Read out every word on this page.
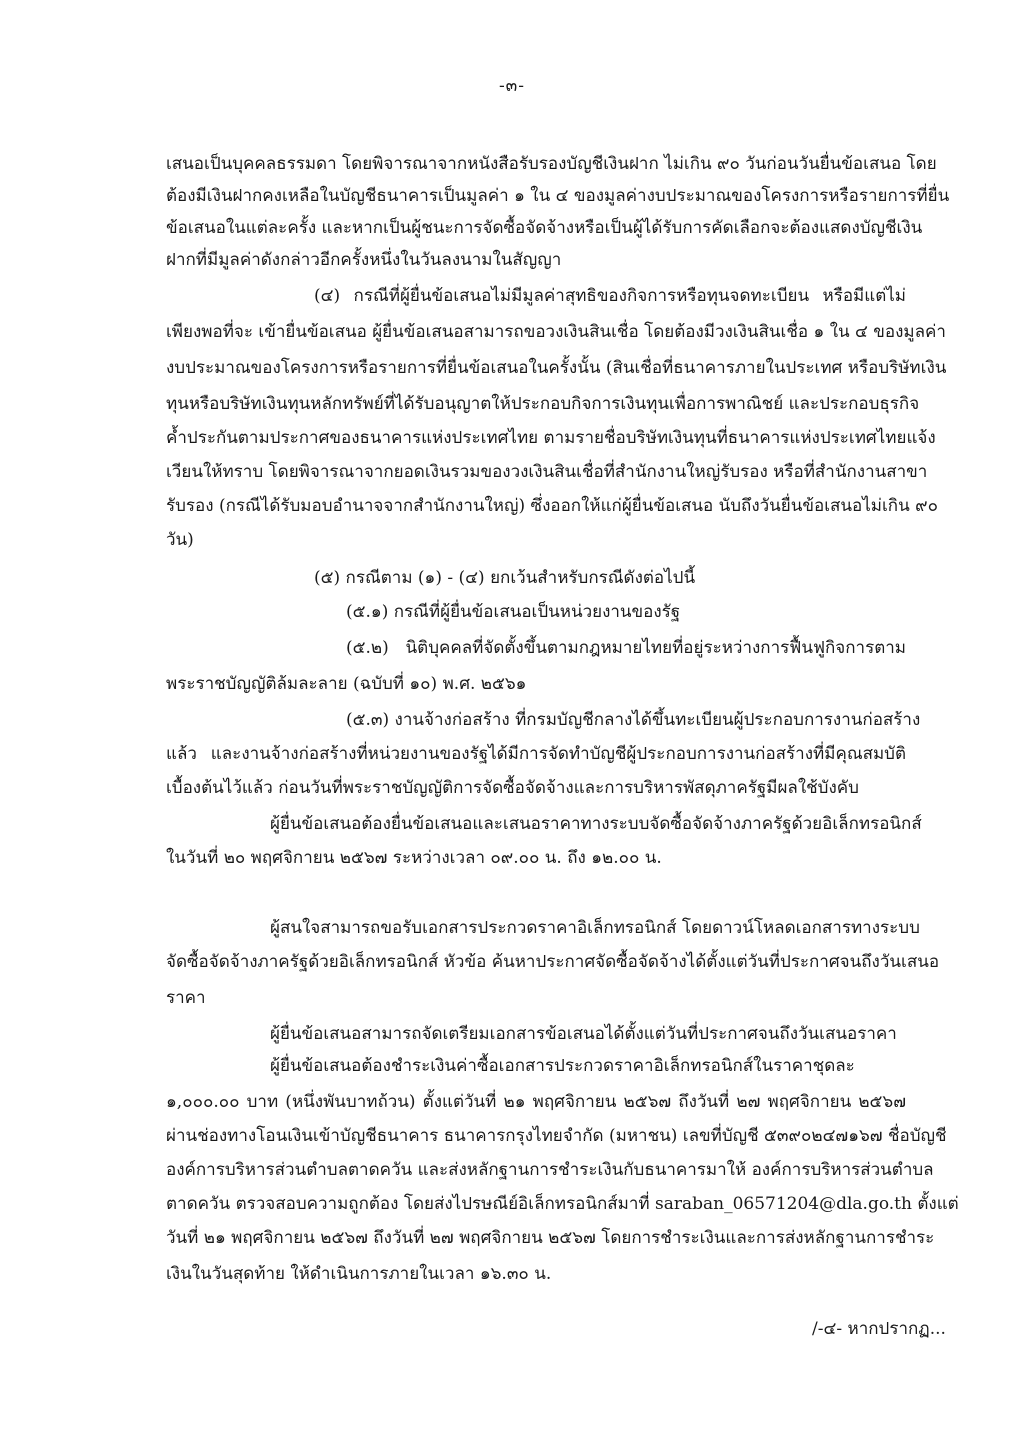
-๓-
เสนอเป็นบุคคลธรรมดา โดยพิจารณาจากหนังสือรับรองบัญชีเงินฝาก ไม่เกิน ๙๐ วันก่อนวันยื่นข้อเสนอ โดย
ต้องมีเงินฝากคงเหลือในบัญชีธนาคารเป็นมูลค่า ๑ ใน ๔ ของมูลค่างบประมาณของโครงการหรือรายการที่ยื่น
ข้อเสนอในแต่ละครั้ง และหากเป็นผู้ชนะการจัดซื้อจัดจ้างหรือเป็นผู้ได้รับการคัดเลือกจะต้องแสดงบัญชีเงิน
ฝากที่มีมูลค่าดังกล่าวอีกครั้งหนึ่งในวันลงนามในสัญญา
(๔) กรณีที่ผู้ยื่นข้อเสนอไม่มีมูลค่าสุทธิของกิจการหรือทุนจดทะเบียน หรือมีแต่ไม่
เพียงพอที่จะ เข้ายื่นข้อเสนอ ผู้ยื่นข้อเสนอสามารถขอวงเงินสินเชื่อ โดยต้องมีวงเงินสินเชื่อ ๑ ใน ๔ ของมูลค่า
งบประมาณของโครงการหรือรายการที่ยื่นข้อเสนอในครั้งนั้น (สินเชื่อที่ธนาคารภายในประเทศ หรือบริษัทเงิน
ทุนหรือบริษัทเงินทุนหลักทรัพย์ที่ได้รับอนุญาตให้ประกอบกิจการเงินทุนเพื่อการพาณิชย์ และประกอบธุรกิจ
ค้ำประกันตามประกาศของธนาคารแห่งประเทศไทย ตามรายชื่อบริษัทเงินทุนที่ธนาคารแห่งประเทศไทยแจ้ง
เวียนให้ทราบ โดยพิจารณาจากยอดเงินรวมของวงเงินสินเชื่อที่สำนักงานใหญ่รับรอง หรือที่สำนักงานสาขา
รับรอง (กรณีได้รับมอบอำนาจจากสำนักงานใหญ่) ซึ่งออกให้แก่ผู้ยื่นข้อเสนอ นับถึงวันยื่นข้อเสนอไม่เกิน ๙๐
วัน)
(๕) กรณีตาม (๑) - (๔) ยกเว้นสำหรับกรณีดังต่อไปนี้
(๕.๑) กรณีที่ผู้ยื่นข้อเสนอเป็นหน่วยงานของรัฐ
(๕.๒) นิติบุคคลที่จัดตั้งขึ้นตามกฎหมายไทยที่อยู่ระหว่างการฟื้นฟูกิจการตาม
พระราชบัญญัติล้มละลาย (ฉบับที่ ๑๐) พ.ศ. ๒๕๖๑
(๕.๓) งานจ้างก่อสร้าง ที่กรมบัญชีกลางได้ขึ้นทะเบียนผู้ประกอบการงานก่อสร้าง
แล้ว และงานจ้างก่อสร้างที่หน่วยงานของรัฐได้มีการจัดทำบัญชีผู้ประกอบการงานก่อสร้างที่มีคุณสมบัติ
เบื้องต้นไว้แล้ว ก่อนวันที่พระราชบัญญัติการจัดซื้อจัดจ้างและการบริหารพัสดุภาครัฐมีผลใช้บังคับ
ผู้ยื่นข้อเสนอต้องยื่นข้อเสนอและเสนอราคาทางระบบจัดซื้อจัดจ้างภาครัฐด้วยอิเล็กทรอนิกส์
ในวันที่ ๒๐ พฤศจิกายน ๒๕๖๗ ระหว่างเวลา ๐๙.๐๐ น. ถึง ๑๒.๐๐ น.
ผู้สนใจสามารถขอรับเอกสารประกวดราคาอิเล็กทรอนิกส์ โดยดาวน์โหลดเอกสารทางระบบ
จัดซื้อจัดจ้างภาครัฐด้วยอิเล็กทรอนิกส์ หัวข้อ ค้นหาประกาศจัดซื้อจัดจ้างได้ตั้งแต่วันที่ประกาศจนถึงวันเสนอ
ราคา
ผู้ยื่นข้อเสนอสามารถจัดเตรียมเอกสารข้อเสนอได้ตั้งแต่วันที่ประกาศจนถึงวันเสนอราคา
ผู้ยื่นข้อเสนอต้องชำระเงินค่าซื้อเอกสารประกวดราคาอิเล็กทรอนิกส์ในราคาชุดละ
๑,๐๐๐.๐๐ บาท (หนึ่งพันบาทถ้วน) ตั้งแต่วันที่ ๒๑ พฤศจิกายน ๒๕๖๗ ถึงวันที่ ๒๗ พฤศจิกายน ๒๕๖๗
ผ่านช่องทางโอนเงินเข้าบัญชีธนาคาร ธนาคารกรุงไทยจำกัด (มหาชน) เลขที่บัญชี ๕๓๙๐๒๔๗๑๖๗ ชื่อบัญชี
องค์การบริหารส่วนตำบลตาดควัน และส่งหลักฐานการชำระเงินกับธนาคารมาให้ องค์การบริหารส่วนตำบล
ตาดควัน ตรวจสอบความถูกต้อง โดยส่งไปรษณีย์อิเล็กทรอนิกส์มาที่ saraban_06571204@dla.go.th ตั้งแต่
วันที่ ๒๑ พฤศจิกายน ๒๕๖๗ ถึงวันที่ ๒๗ พฤศจิกายน ๒๕๖๗ โดยการชำระเงินและการส่งหลักฐานการชำระ
เงินในวันสุดท้าย ให้ดำเนินการภายในเวลา ๑๖.๓๐ น.
/-๔- หากปรากฏ...
